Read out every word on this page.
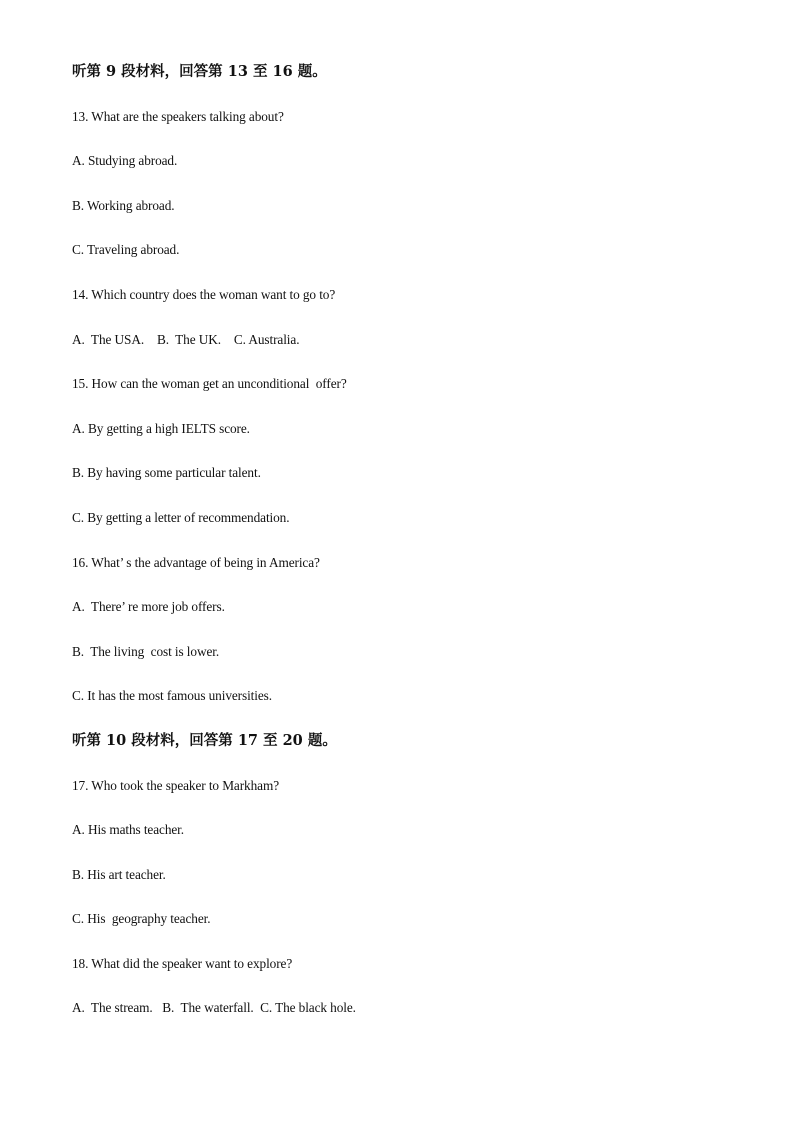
听第 9 段材料，回答第 13 至 16 题。
13. What are the speakers talking about?
A. Studying abroad.
B. Working abroad.
C. Traveling abroad.
14. Which country does the woman want to go to?
A.  The USA.    B.  The UK.    C. Australia.
15. How can the woman get an unconditional  offer?
A. By getting a high IELTS score.
B. By having some particular talent.
C. By getting a letter of recommendation.
16. What’ s the advantage of being in America?
A.  There’ re more job offers.
B.  The living  cost is lower.
C. It has the most famous universities.
听第 10 段材料，回答第 17 至 20 题。
17. Who took the speaker to Markham?
A. His maths teacher.
B. His art teacher.
C. His  geography teacher.
18. What did the speaker want to explore?
A.  The stream.   B.  The waterfall.  C. The black hole.
